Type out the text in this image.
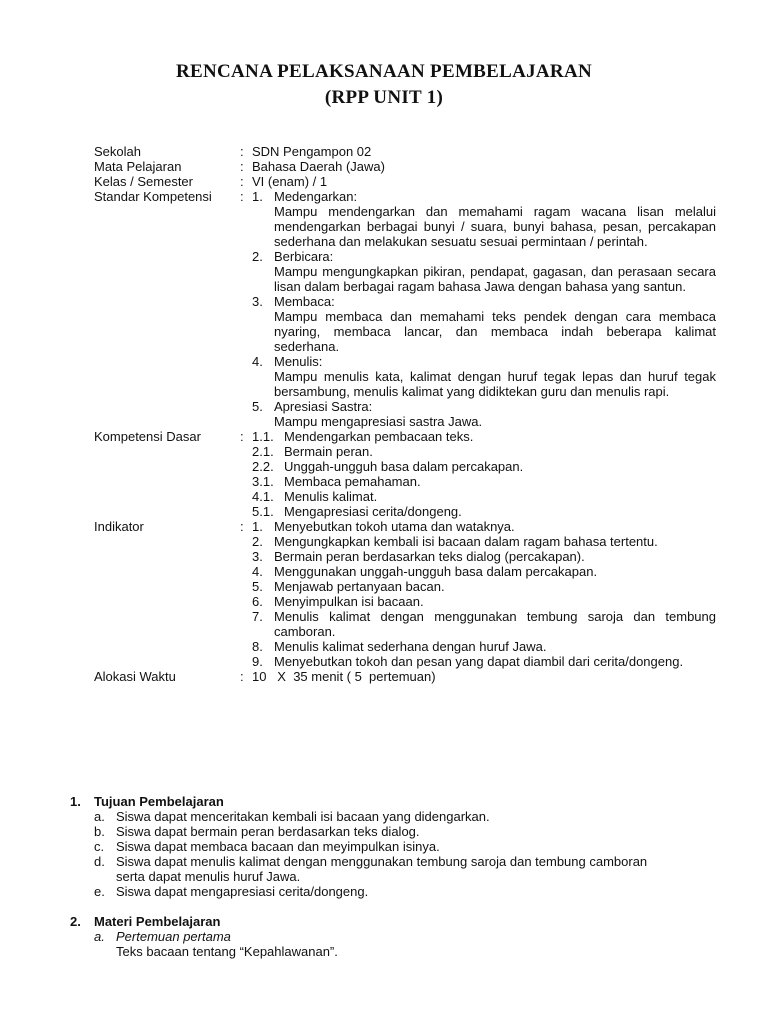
RENCANA PELAKSANAAN PEMBELAJARAN
(RPP UNIT 1)
Sekolah	: SDN Pengampon 02
Mata Pelajaran	: Bahasa Daerah (Jawa)
Kelas / Semester	: VI (enam) / 1
Standar Kompetensi	: 1. Medengarkan:
Mampu mendengarkan dan memahami ragam wacana lisan melalui mendengarkan berbagai bunyi / suara, bunyi bahasa, pesan, percakapan sederhana dan melakukan sesuatu sesuai permintaan / perintah.
2. Berbicara:
Mampu mengungkapkan pikiran, pendapat, gagasan, dan perasaan secara lisan dalam berbagai ragam bahasa Jawa dengan bahasa yang santun.
3. Membaca:
Mampu membaca dan memahami teks pendek dengan cara membaca nyaring, membaca lancar, dan membaca indah beberapa kalimat sederhana.
4. Menulis:
Mampu menulis kata, kalimat dengan huruf tegak lepas dan huruf tegak bersambung, menulis kalimat yang didiktekan guru dan menulis rapi.
5. Apresiasi Sastra:
Mampu mengapresiasi sastra Jawa.
Kompetensi Dasar	: 1.1. Mendengarkan pembacaan teks.
2.1. Bermain peran.
2.2. Unggah-ungguh basa dalam percakapan.
3.1. Membaca pemahaman.
4.1. Menulis kalimat.
5.1. Mengapresiasi cerita/dongeng.
Indikator	: 1. Menyebutkan tokoh utama dan wataknya.
2. Mengungkapkan kembali isi bacaan dalam ragam bahasa tertentu.
3. Bermain peran berdasarkan teks dialog (percakapan).
4. Menggunakan unggah-ungguh basa dalam percakapan.
5. Menjawab pertanyaan bacan.
6. Menyimpulkan isi bacaan.
7. Menulis kalimat dengan menggunakan tembung saroja dan tembung camboran.
8. Menulis kalimat sederhana dengan huruf Jawa.
9. Menyebutkan tokoh dan pesan yang dapat diambil dari cerita/dongeng.
Alokasi Waktu	: 10   X  35 menit ( 5  pertemuan)
1.	Tujuan Pembelajaran
a. Siswa dapat menceritakan kembali isi bacaan yang didengarkan.
b. Siswa dapat bermain peran berdasarkan teks dialog.
c. Siswa dapat membaca bacaan dan meyimpulkan isinya.
d. Siswa dapat menulis kalimat dengan menggunakan tembung saroja dan tembung camboran serta dapat menulis huruf Jawa.
e. Siswa dapat mengapresiasi cerita/dongeng.
2.	Materi Pembelajaran
a. Pertemuan pertama
Teks bacaan tentang “Kepahlawanan”.
